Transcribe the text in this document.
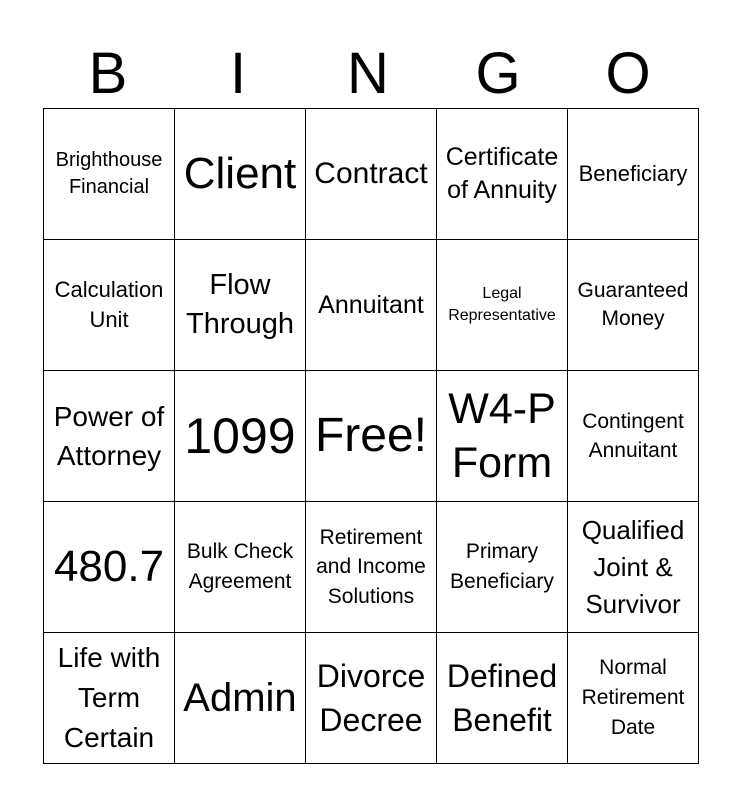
B	I	N	G	O
Brighthouse Financial	Client	Contract	Certificate of Annuity	Beneficiary

Calculation Unit	Flow Through	Annuitant	Legal Representative	Guaranteed Money

Power of Attorney	1099	Free!	W4-P Form	Contingent Annuitant

480.7	Bulk Check Agreement	Retirement and Income Solutions	Primary Beneficiary	Qualified Joint & Survivor

Life with Term Certain	Admin	Divorce Decree	Defined Benefit	Normal Retirement Date
